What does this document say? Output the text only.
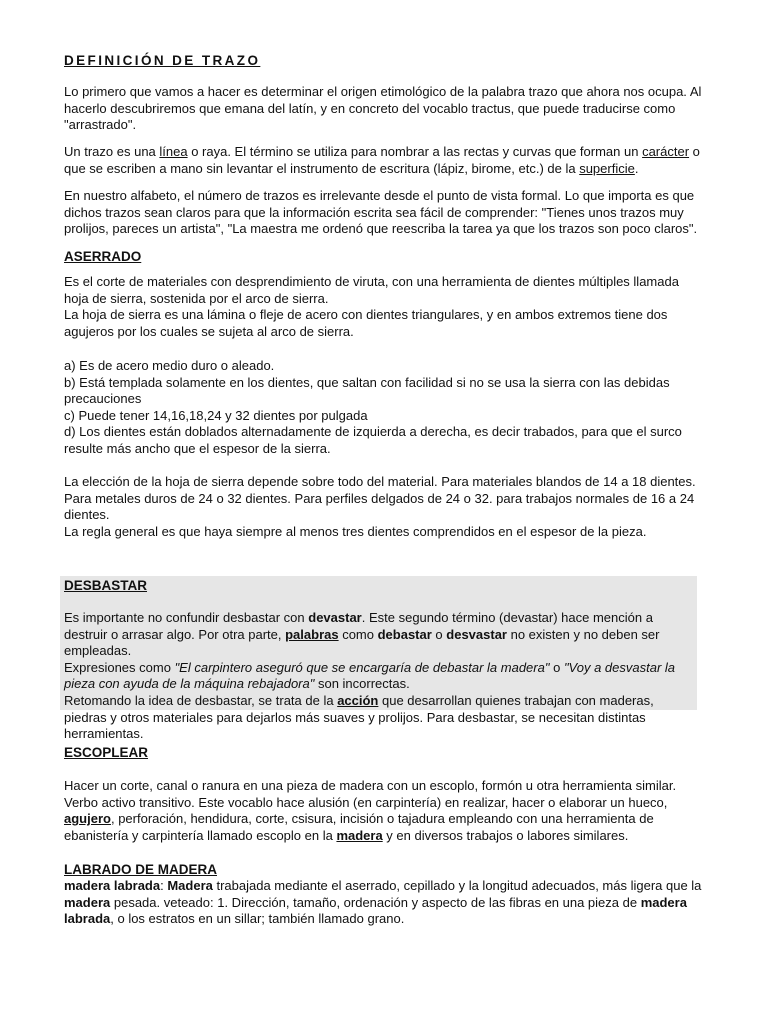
DEFINICIÓN DE TRAZO

Lo primero que vamos a hacer es determinar el origen etimológico de la palabra trazo que ahora nos ocupa. Al hacerlo descubriremos que emana del latín, y en concreto del vocablo tractus, que puede traducirse como "arrastrado".

Un trazo es una línea o raya. El término se utiliza para nombrar a las rectas y curvas que forman un carácter o que se escriben a mano sin levantar el instrumento de escritura (lápiz, birome, etc.) de la superficie.

En nuestro alfabeto, el número de trazos es irrelevante desde el punto de vista formal. Lo que importa es que dichos trazos sean claros para que la información escrita sea fácil de comprender: "Tienes unos trazos muy prolijos, pareces un artista", "La maestra me ordenó que reescriba la tarea ya que los trazos son poco claros".

ASERRADO

Es el corte de materiales con desprendimiento de viruta, con una herramienta de dientes múltiples llamada hoja de sierra, sostenida por el arco de sierra.

La hoja de sierra es una lámina o fleje de acero con dientes triangulares, y en ambos extremos tiene dos agujeros por los cuales se sujeta al arco de sierra.

a) Es de acero medio duro o aleado.
b) Está templada solamente en los dientes, que saltan con facilidad si no se usa la sierra con las debidas precauciones
c) Puede tener 14,16,18,24 y 32 dientes por pulgada
d) Los dientes están doblados alternadamente de izquierda a derecha, es decir trabados, para que el surco resulte más ancho que el espesor de la sierra.

La elección de la hoja de sierra depende sobre todo del material. Para materiales blandos de 14 a 18 dientes. Para metales duros de 24 o 32 dientes. Para perfiles delgados de 24 o 32. para trabajos normales de 16 a 24 dientes.

La regla general es que haya siempre al menos tres dientes comprendidos en el espesor de la pieza.

DESBASTAR

Es importante no confundir desbastar con devastar. Este segundo término (devastar) hace mención a destruir o arrasar algo. Por otra parte, palabras como debastar o desvastar no existen y no deben ser empleadas.

Expresiones como "El carpintero aseguró que se encargaría de debastar la madera" o "Voy a desvastar la pieza con ayuda de la máquina rebajadora" son incorrectas.

Retomando la idea de desbastar, se trata de la acción que desarrollan quienes trabajan con maderas, piedras y otros materiales para dejarlos más suaves y prolijos. Para desbastar, se necesitan distintas herramientas.

ESCOPLEAR

Hacer un corte, canal o ranura en una pieza de madera con un escoplo, formón u otra herramienta similar. Verbo activo transitivo. Este vocablo hace alusión (en carpintería) en realizar, hacer o elaborar un hueco, agujero, perforación, hendidura, corte, csisura, incisión o tajadura empleando con una herramienta de ebanistería y carpintería llamado escoplo en la madera y en diversos trabajos o labores similares.

LABRADO DE MADERA

madera labrada: Madera trabajada mediante el aserrado, cepillado y la longitud adecuados, más ligera que la madera pesada. veteado: 1. Dirección, tamaño, ordenación y aspecto de las fibras en una pieza de madera labrada, o los estratos en un sillar; también llamado grano.
